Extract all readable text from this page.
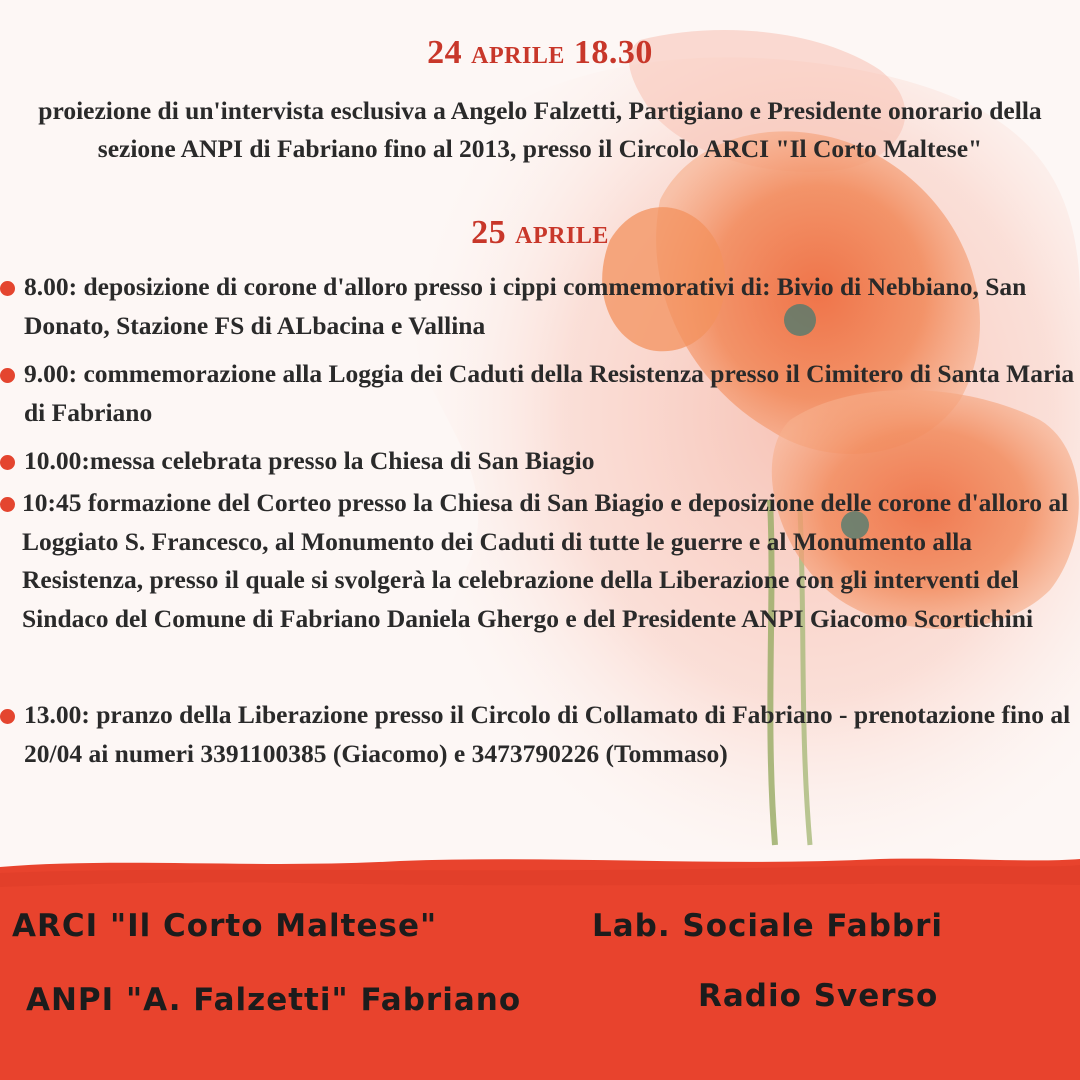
24 aprile 18.30

proiezione di un'intervista esclusiva a Angelo Falzetti, Partigiano e Presidente onorario della sezione ANPI di Fabriano fino al 2013, presso il Circolo ARCI "Il Corto Maltese"

25 aprile
8.00: deposizione di corone d'alloro presso i cippi commemorativi di: Bivio di Nebbiano, San Donato, Stazione FS di ALbacina e Vallina
9.00: commemorazione alla Loggia dei Caduti della Resistenza presso il Cimitero di Santa Maria di Fabriano
10.00:messa celebrata presso la Chiesa di San Biagio
10:45 formazione del Corteo presso la Chiesa di San Biagio e deposizione delle corone d'alloro al Loggiato S. Francesco, al Monumento dei Caduti di tutte le guerre e al Monumento alla Resistenza, presso il quale si svolgerà la celebrazione della Liberazione con gli interventi del Sindaco del Comune di Fabriano Daniela Ghergo e del Presidente ANPI Giacomo Scortichini
13.00: pranzo della Liberazione presso il Circolo di Collamato di Fabriano - prenotazione fino al 20/04 ai numeri 3391100385 (Giacomo) e 3473790226 (Tommaso)
ARCI "Il Corto Maltese"	Lab. Sociale Fabbri
ANPI "A. Falzetti" Fabriano	Radio Sverso
